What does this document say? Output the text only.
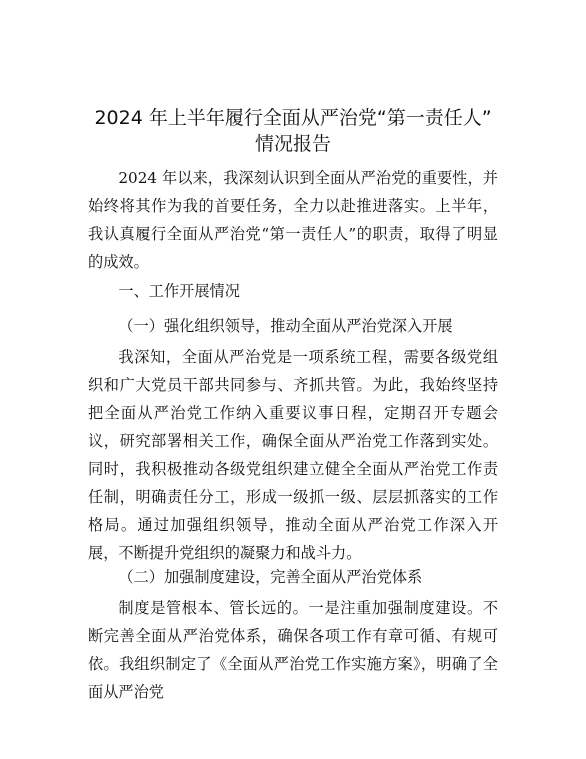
2024 年上半年履行全面从严治党“第一责任人”
情况报告

2024 年以来，我深刻认识到全面从严治党的重要性，并始终将其作为我的首要任务，全力以赴推进落实。上半年，我认真履行全面从严治党“第一责任人”的职责，取得了明显的成效。

一、工作开展情况

（一）强化组织领导，推动全面从严治党深入开展

我深知，全面从严治党是一项系统工程，需要各级党组织和广大党员干部共同参与、齐抓共管。为此，我始终坚持把全面从严治党工作纳入重要议事日程，定期召开专题会议，研究部署相关工作，确保全面从严治党工作落到实处。同时，我积极推动各级党组织建立健全全面从严治党工作责任制，明确责任分工，形成一级抓一级、层层抓落实的工作格局。通过加强组织领导，推动全面从严治党工作深入开展，不断提升党组织的凝聚力和战斗力。

（二）加强制度建设，完善全面从严治党体系

制度是管根本、管长远的。一是注重加强制度建设。不断完善全面从严治党体系，确保各项工作有章可循、有规可依。我组织制定了《全面从严治党工作实施方案》，明确了全面从严治党
